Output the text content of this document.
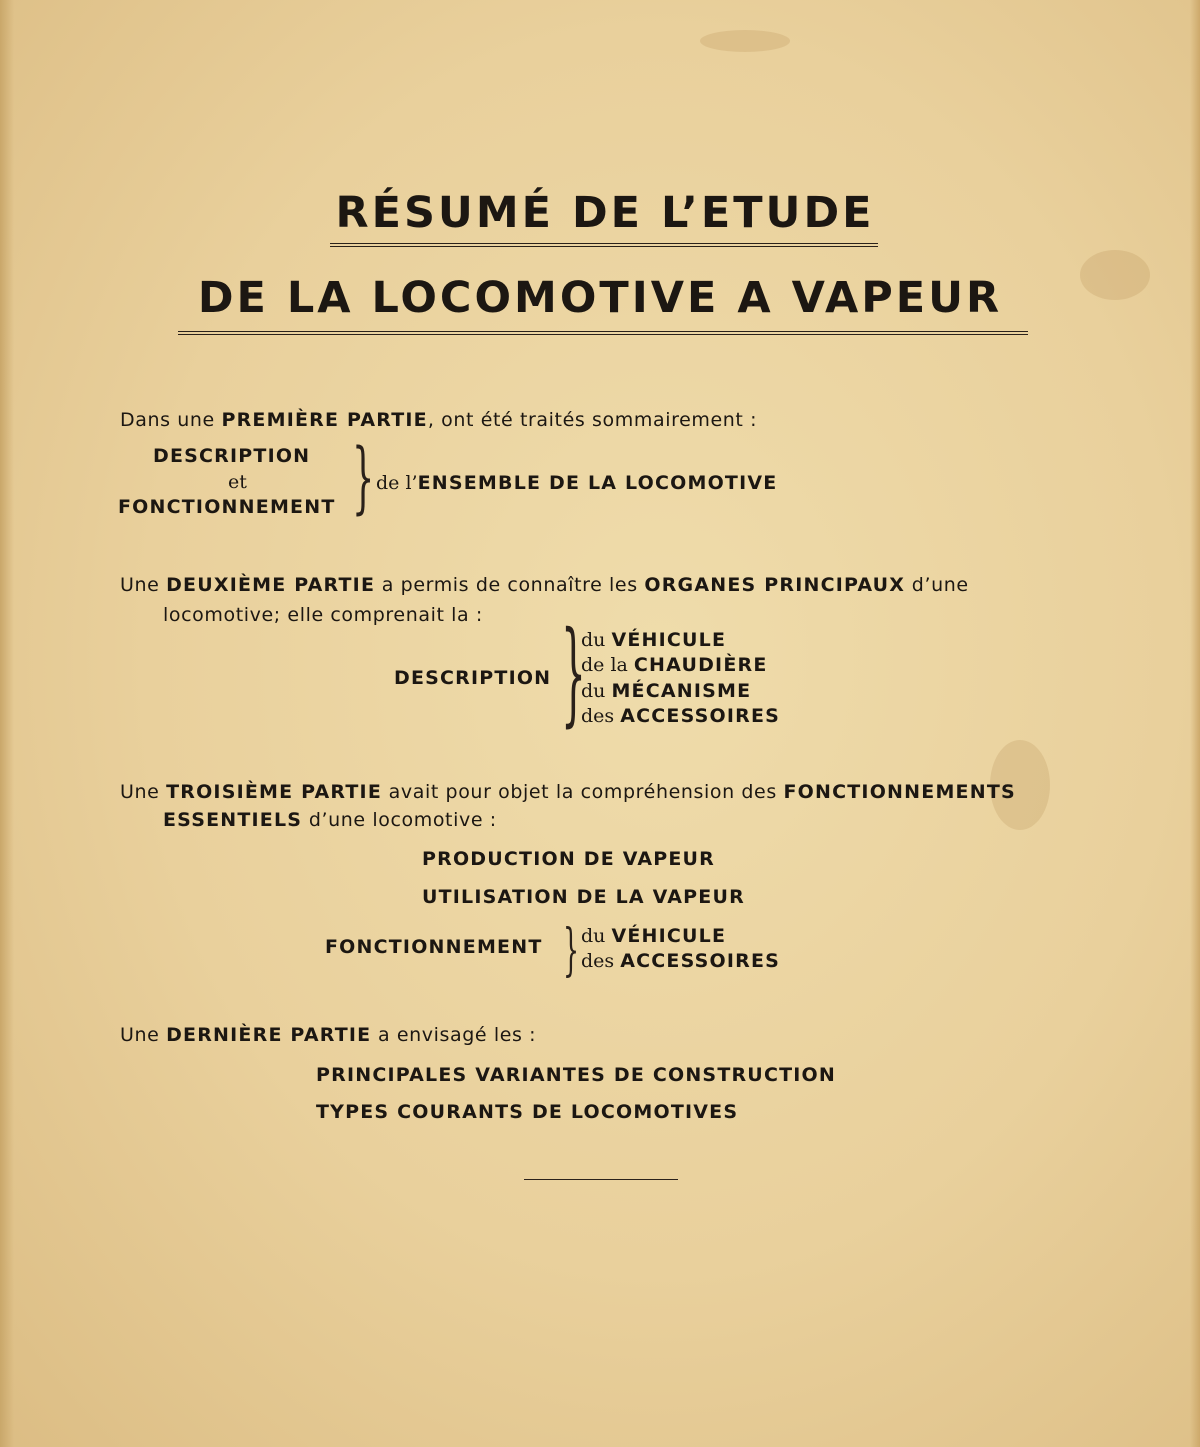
RÉSUMÉ DE L’ETUDE
DE LA LOCOMOTIVE A VAPEUR
Dans une PREMIÈRE PARTIE, ont été traités sommairement :
DESCRIPTION
et
FONCTIONNEMENT } de l’ENSEMBLE DE LA LOCOMOTIVE
Une DEUXIÈME PARTIE a permis de connaître les ORGANES PRINCIPAUX d’une
locomotive; elle comprenait la :
DESCRIPTION }
du VÉHICULE
de la CHAUDIÈRE
du MÉCANISME
des ACCESSOIRES
Une TROISIÈME PARTIE avait pour objet la compréhension des FONCTIONNEMENTS
ESSENTIELS d’une locomotive :
PRODUCTION DE VAPEUR
UTILISATION DE LA VAPEUR
FONCTIONNEMENT } du VÉHICULE
des ACCESSOIRES
Une DERNIÈRE PARTIE a envisagé les :
PRINCIPALES VARIANTES DE CONSTRUCTION
TYPES COURANTS DE LOCOMOTIVES
